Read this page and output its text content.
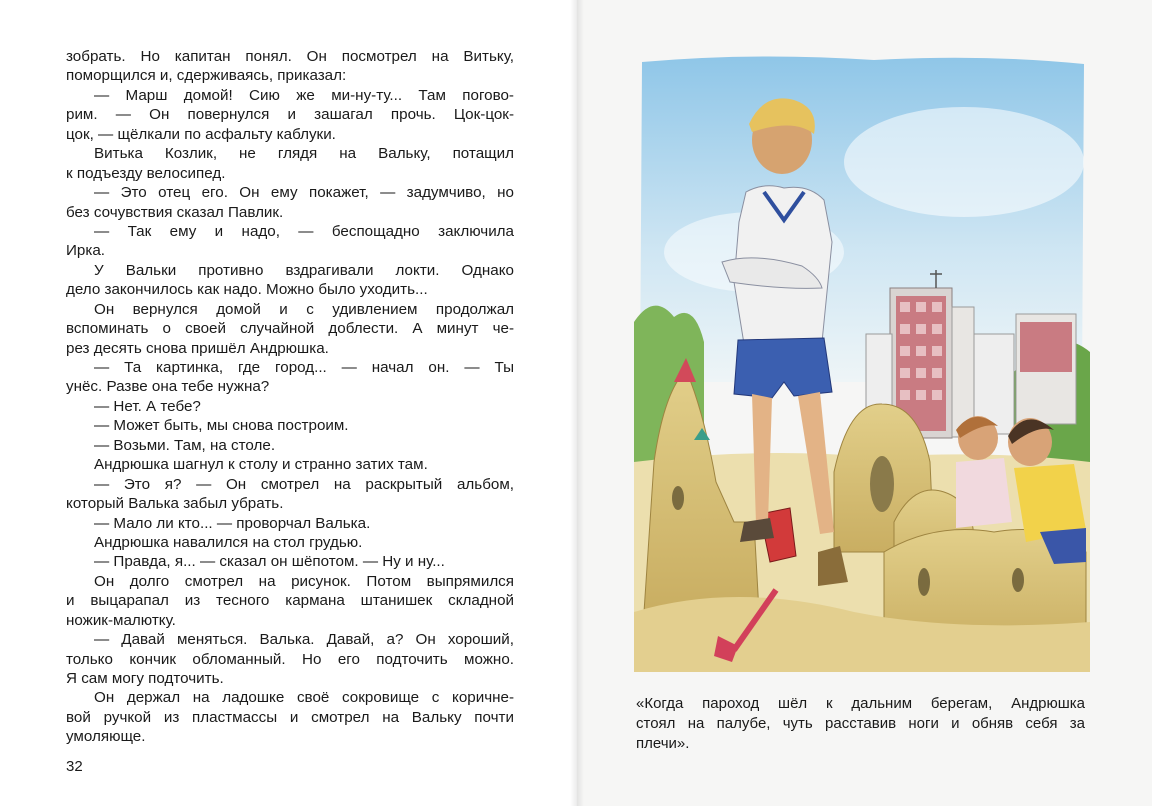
зобрать. Но капитан понял. Он посмотрел на Витьку,
поморщился и, сдерживаясь, приказал:
— Марш домой! Сию же ми-ну-ту... Там погово-
рим. — Он повернулся и зашагал прочь. Цок-цок-
цок, — щёлкали по асфальту каблуки.
Витька Козлик, не глядя на Вальку, потащил
к подъезду велосипед.
— Это отец его. Он ему покажет, — задумчиво, но
без сочувствия сказал Павлик.
— Так ему и надо, — беспощадно заключила
Ирка.
У Вальки противно вздрагивали локти. Однако
дело закончилось как надо. Можно было уходить...
Он вернулся домой и с удивлением продолжал
вспоминать о своей случайной доблести. А минут че-
рез десять снова пришёл Андрюшка.
— Та картинка, где город... — начал он. — Ты
унёс. Разве она тебе нужна?
— Нет. А тебе?
— Может быть, мы снова построим.
— Возьми. Там, на столе.
Андрюшка шагнул к столу и странно затих там.
— Это я? — Он смотрел на раскрытый альбом,
который Валька забыл убрать.
— Мало ли кто... — проворчал Валька.
Андрюшка навалился на стол грудью.
— Правда, я... — сказал он шёпотом. — Ну и ну...
Он долго смотрел на рисунок. Потом выпрямился
и выцарапал из тесного кармана штанишек складной
ножик-малютку.
— Давай меняться. Валька. Давай, а? Он хороший,
только кончик обломанный. Но его подточить можно.
Я сам могу подточить.
Он держал на ладошке своё сокровище с коричне-
вой ручкой из пластмассы и смотрел на Вальку почти
умоляюще.
32
«Когда пароход шёл к дальним берегам, Андрюшка
стоял на палубе, чуть расставив ноги и обняв себя за
плечи».
